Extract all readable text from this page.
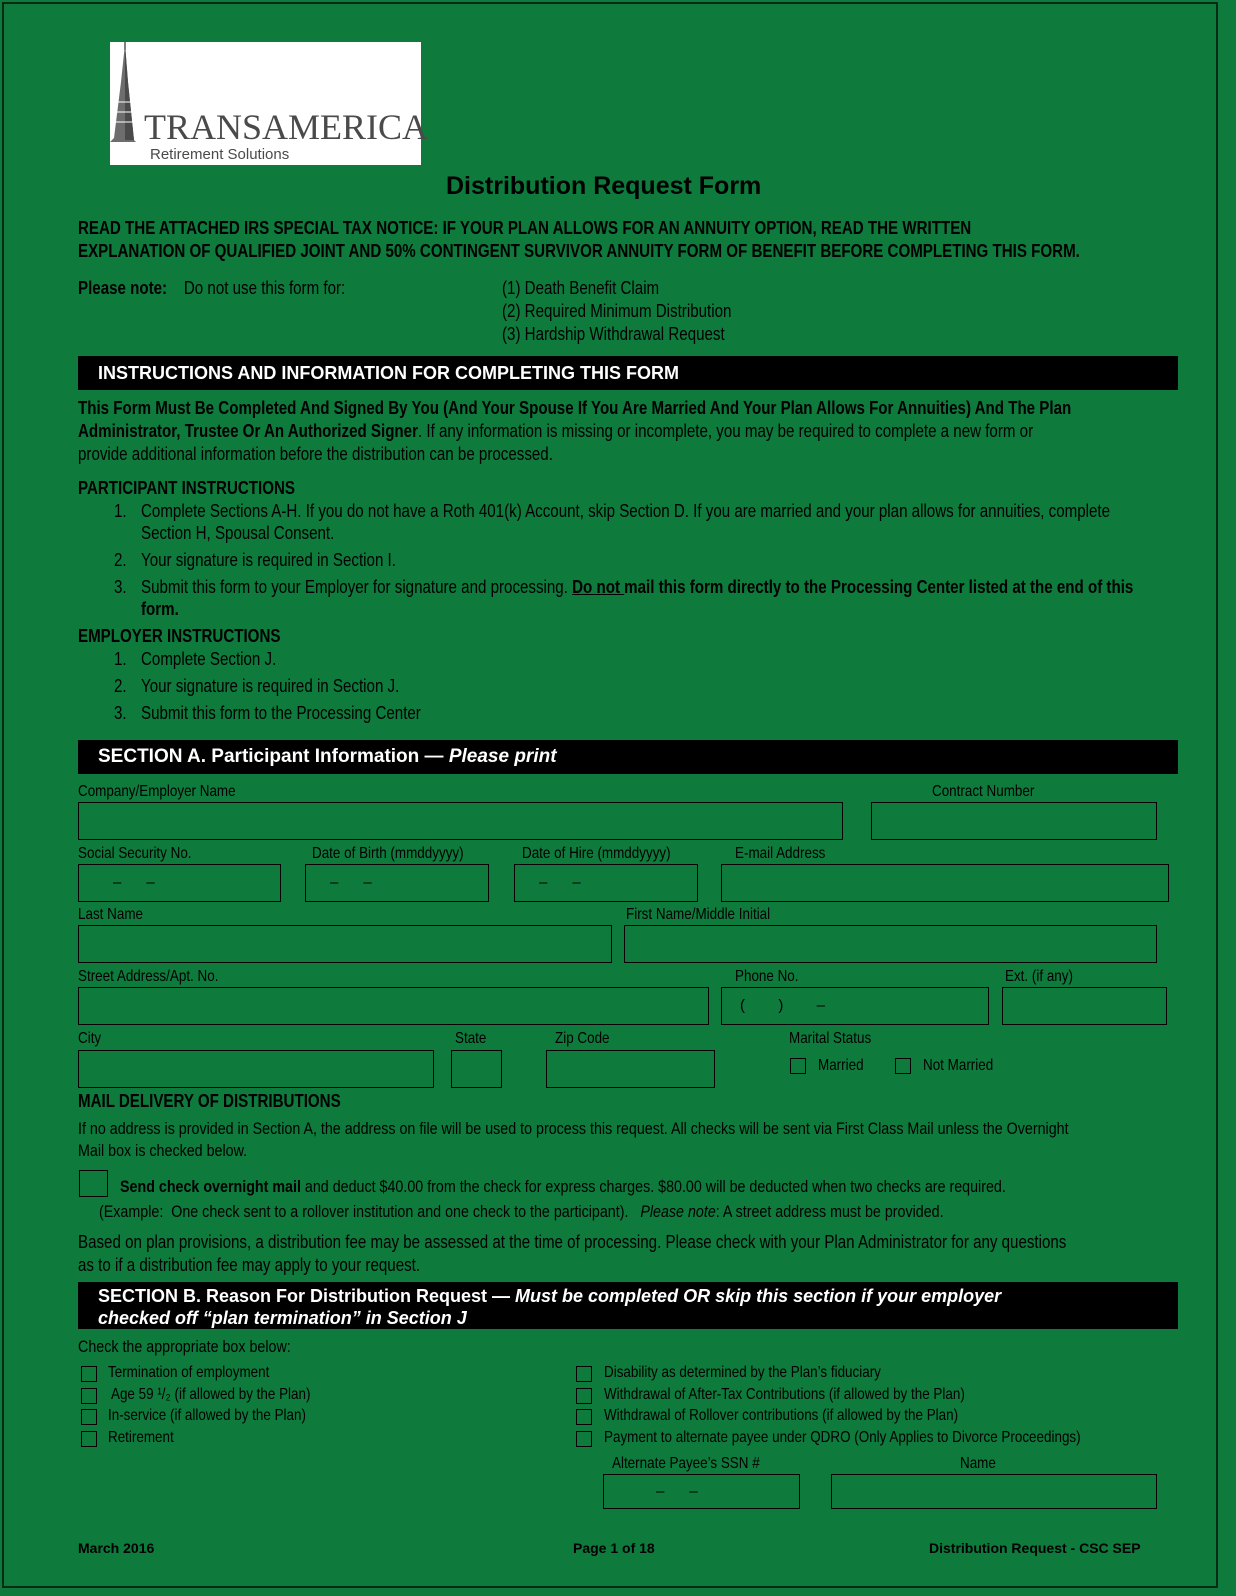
TRANSAMERICA
Retirement Solutions
Distribution Request Form
READ THE ATTACHED IRS SPECIAL TAX NOTICE: IF YOUR PLAN ALLOWS FOR AN ANNUITY OPTION, READ THE WRITTEN
EXPLANATION OF QUALIFIED JOINT AND 50% CONTINGENT SURVIVOR ANNUITY FORM OF BENEFIT BEFORE COMPLETING THIS FORM.
Please note: Do not use this form for:	(1) Death Benefit Claim
(2) Required Minimum Distribution
(3) Hardship Withdrawal Request
INSTRUCTIONS AND INFORMATION FOR COMPLETING THIS FORM
This Form Must Be Completed And Signed By You (And Your Spouse If You Are Married And Your Plan Allows For Annuities) And The Plan
Administrator, Trustee Or An Authorized Signer. If any information is missing or incomplete, you may be required to complete a new form or
provide additional information before the distribution can be processed.
PARTICIPANT INSTRUCTIONS
1. Complete Sections A-H. If you do not have a Roth 401(k) Account, skip Section D. If you are married and your plan allows for annuities, complete
Section H, Spousal Consent.
2. Your signature is required in Section I.
3. Submit this form to your Employer for signature and processing. Do not mail this form directly to the Processing Center listed at the end of this
form.
EMPLOYER INSTRUCTIONS
1. Complete Section J.
2. Your signature is required in Section J.
3. Submit this form to the Processing Center
SECTION A. Participant Information — Please print
Company/Employer Name	Contract Number
Social Security No.	Date of Birth (mmddyyyy)	Date of Hire (mmddyyyy)	E-mail Address
–      –	–      –	–      –
Last Name	First Name/Middle Initial
Street Address/Apt. No.	Phone No.	Ext. (if any)
(        )        –
City	State	Zip Code	Marital Status
Married	Not Married
MAIL DELIVERY OF DISTRIBUTIONS
If no address is provided in Section A, the address on file will be used to process this request. All checks will be sent via First Class Mail unless the Overnight
Mail box is checked below.
Send check overnight mail and deduct $40.00 from the check for express charges. $80.00 will be deducted when two checks are required.
(Example:  One check sent to a rollover institution and one check to the participant).   Please note: A street address must be provided.
Based on plan provisions, a distribution fee may be assessed at the time of processing. Please check with your Plan Administrator for any questions
as to if a distribution fee may apply to your request.
SECTION B. Reason For Distribution Request — Must be completed OR skip this section if your employer
checked off “plan termination” in Section J
Check the appropriate box below:
Termination of employment
Age 59 ¹/₂ (if allowed by the Plan)
In-service (if allowed by the Plan)
Retirement
Disability as determined by the Plan’s fiduciary
Withdrawal of After-Tax Contributions (if allowed by the Plan)
Withdrawal of Rollover contributions (if allowed by the Plan)
Payment to alternate payee under QDRO (Only Applies to Divorce Proceedings)
Alternate Payee’s SSN #	Name
–      –
March 2016	Page 1 of 18	Distribution Request - CSC SEP
